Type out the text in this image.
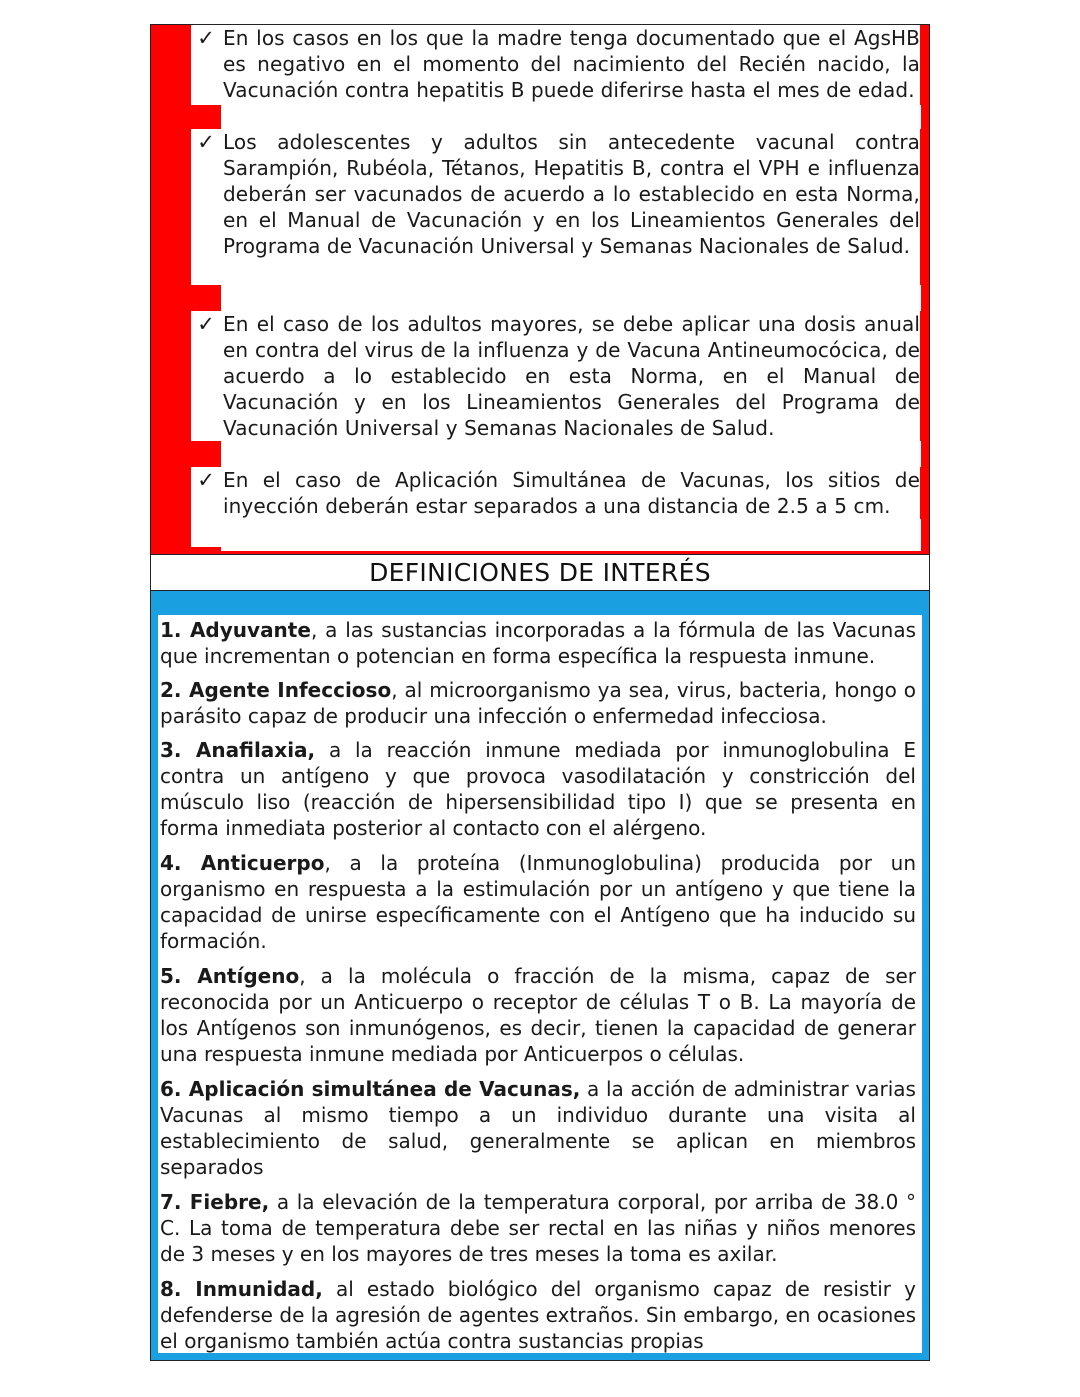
✓ En los casos en los que la madre tenga documentado que el AgsHB es negativo en el momento del nacimiento del Recién nacido, la Vacunación contra hepatitis B puede diferirse hasta el mes de edad.
✓ Los adolescentes y adultos sin antecedente vacunal contra Sarampión, Rubéola, Tétanos, Hepatitis B, contra el VPH e influenza deberán ser vacunados de acuerdo a lo establecido en esta Norma, en el Manual de Vacunación y en los Lineamientos Generales del Programa de Vacunación Universal y Semanas Nacionales de Salud.
✓ En el caso de los adultos mayores, se debe aplicar una dosis anual en contra del virus de la influenza y de Vacuna Antineumocócica, de acuerdo a lo establecido en esta Norma, en el Manual de Vacunación y en los Lineamientos Generales del Programa de Vacunación Universal y Semanas Nacionales de Salud.
✓ En el caso de Aplicación Simultánea de Vacunas, los sitios de inyección deberán estar separados a una distancia de 2.5 a 5 cm.
DEFINICIONES DE INTERÉS
1. Adyuvante, a las sustancias incorporadas a la fórmula de las Vacunas que incrementan o potencian en forma específica la respuesta inmune.
2. Agente Infeccioso, al microorganismo ya sea, virus, bacteria, hongo o parásito capaz de producir una infección o enfermedad infecciosa.
3. Anafilaxia, a la reacción inmune mediada por inmunoglobulina E contra un antígeno y que provoca vasodilatación y constricción del músculo liso (reacción de hipersensibilidad tipo I) que se presenta en forma inmediata posterior al contacto con el alérgeno.
4. Anticuerpo, a la proteína (Inmunoglobulina) producida por un organismo en respuesta a la estimulación por un antígeno y que tiene la capacidad de unirse específicamente con el Antígeno que ha inducido su formación.
5. Antígeno, a la molécula o fracción de la misma, capaz de ser reconocida por un Anticuerpo o receptor de células T o B. La mayoría de los Antígenos son inmunógenos, es decir, tienen la capacidad de generar una respuesta inmune mediada por Anticuerpos o células.
6. Aplicación simultánea de Vacunas, a la acción de administrar varias Vacunas al mismo tiempo a un individuo durante una visita al establecimiento de salud, generalmente se aplican en miembros separados
7. Fiebre, a la elevación de la temperatura corporal, por arriba de 38.0 ° C. La toma de temperatura debe ser rectal en las niñas y niños menores de 3 meses y en los mayores de tres meses la toma es axilar.
8. Inmunidad, al estado biológico del organismo capaz de resistir y defenderse de la agresión de agentes extraños. Sin embargo, en ocasiones el organismo también actúa contra sustancias propias
